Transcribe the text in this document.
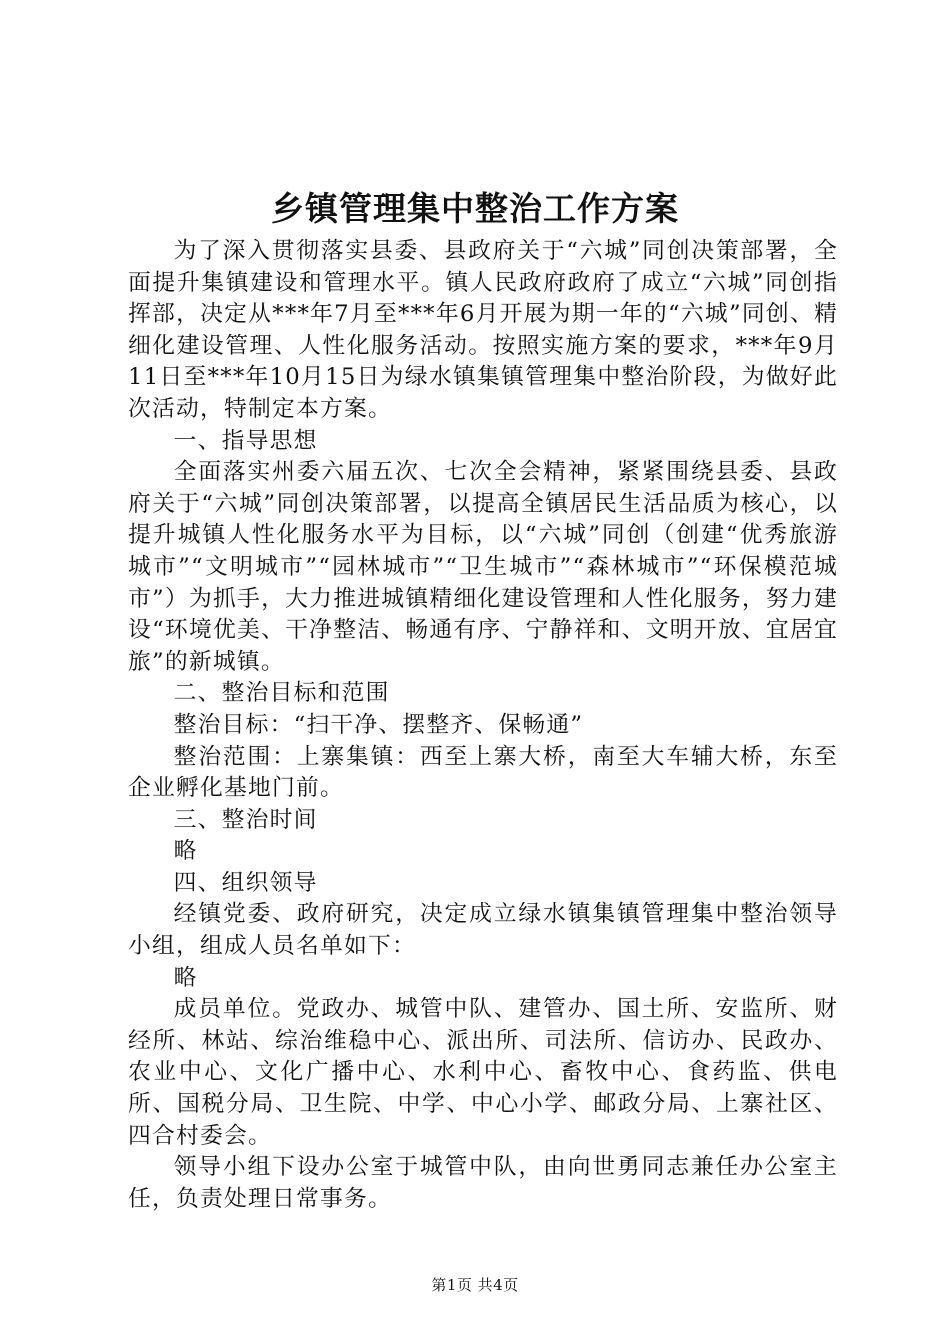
乡镇管理集中整治工作方案

为了深入贯彻落实县委、县政府关于“六城”同创决策部署，全面提升集镇建设和管理水平。镇人民政府政府了成立“六城”同创指挥部，决定从***年7月至***年6月开展为期一年的“六城”同创、精细化建设管理、人性化服务活动。按照实施方案的要求，***年9月11日至***年10月15日为绿水镇集镇管理集中整治阶段，为做好此次活动，特制定本方案。

一、指导思想

全面落实州委六届五次、七次全会精神，紧紧围绕县委、县政府关于“六城”同创决策部署，以提高全镇居民生活品质为核心，以提升城镇人性化服务水平为目标，以“六城”同创（创建“优秀旅游城市”“文明城市”“园林城市”“卫生城市”“森林城市”“环保模范城市”）为抓手，大力推进城镇精细化建设管理和人性化服务，努力建设“环境优美、干净整洁、畅通有序、宁静祥和、文明开放、宜居宜旅”的新城镇。

二、整治目标和范围

整治目标：“扫干净、摆整齐、保畅通”

整治范围：上寨集镇：西至上寨大桥，南至大车辅大桥，东至企业孵化基地门前。

三、整治时间

略

四、组织领导

经镇党委、政府研究，决定成立绿水镇集镇管理集中整治领导小组，组成人员名单如下：

略

成员单位。党政办、城管中队、建管办、国土所、安监所、财经所、林站、综治维稳中心、派出所、司法所、信访办、民政办、农业中心、文化广播中心、水利中心、畜牧中心、食药监、供电所、国税分局、卫生院、中学、中心小学、邮政分局、上寨社区、四合村委会。

领导小组下设办公室于城管中队，由向世勇同志兼任办公室主任，负责处理日常事务。

第1页 共4页
